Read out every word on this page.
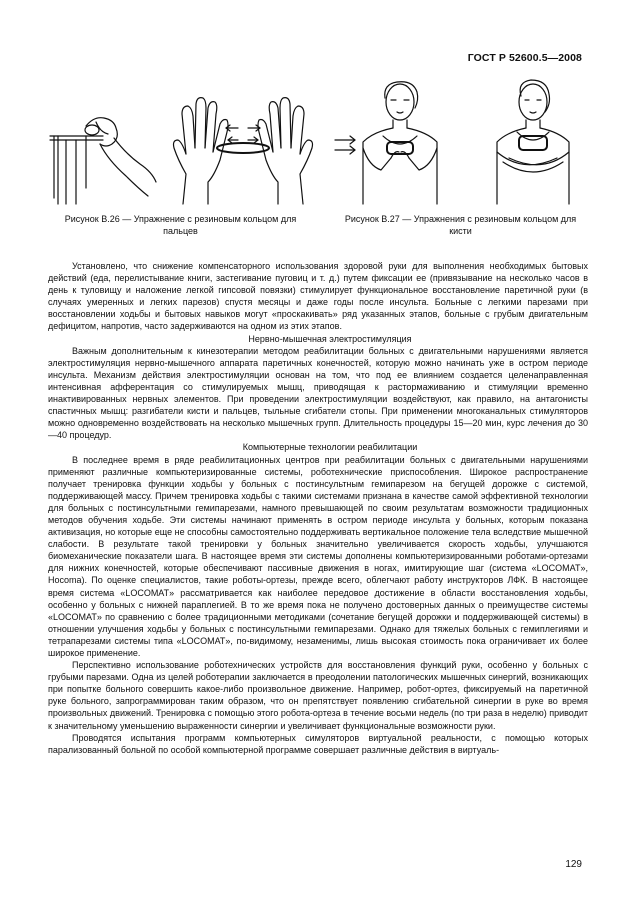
ГОСТ Р 52600.5—2008
Рисунок В.26 — Упражнение с резиновым кольцом для пальцев
Рисунок В.27 — Упражнения с резиновым кольцом для кисти

Установлено, что снижение компенсаторного использования здоровой руки для выполнения необходимых бытовых действий (еда, перелистывание книги, застегивание пуговиц и т. д.) путем фиксации ее (привязывание на несколько часов в день к туловищу и наложение легкой гипсовой повязки) стимулирует функциональное восстановление паретичной руки (в случаях умеренных и легких парезов) спустя месяцы и даже годы после инсульта. Больные с легкими парезами при восстановлении ходьбы и бытовых навыков могут «проскакивать» ряд указанных этапов, больные с грубым двигательным дефицитом, напротив, часто задерживаются на одном из этих этапов.

Нервно-мышечная электростимуляция

Важным дополнительным к кинезотерапии методом реабилитации больных с двигательными нарушениями является электростимуляция нервно-мышечного аппарата паретичных конечностей, которую можно начинать уже в остром периоде инсульта. Механизм действия электростимуляции основан на том, что под ее влиянием создается целенаправленная интенсивная афферентация со стимулируемых мышц, приводящая к растормаживанию и стимуляции временно инактивированных нервных элементов. При проведении электростимуляции воздействуют, как правило, на антагонисты спастичных мышц: разгибатели кисти и пальцев, тыльные сгибатели стопы. При применении многоканальных стимуляторов можно одновременно воздействовать на несколько мышечных групп. Длительность процедуры 15—20 мин, курс лечения до 30—40 процедур.

Компьютерные технологии реабилитации

В последнее время в ряде реабилитационных центров при реабилитации больных с двигательными нарушениями применяют различные компьютеризированные системы, роботехнические приспособления. Широкое распространение получает тренировка функции ходьбы у больных с постинсультным гемипарезом на бегущей дорожке с системой, поддерживающей массу. Причем тренировка ходьбы с такими системами признана в качестве самой эффективной технологии для больных с постинсультными гемипарезами, намного превышающей по своим результатам возможности традиционных методов обучения ходьбе. Эти системы начинают применять в остром периоде инсульта у больных, которым показана активизация, но которые еще не способны самостоятельно поддерживать вертикальное положение тела вследствие мышечной слабости. В результате такой тренировки у больных значительно увеличивается скорость ходьбы, улучшаются биомеханические показатели шага. В настоящее время эти системы дополнены компьютеризированными роботами-ортезами для нижних конечностей, которые обеспечивают пассивные движения в ногах, имитирующие шаг (система «LOCOMAT», Hocoma). По оценке специалистов, такие роботы-ортезы, прежде всего, облегчают работу инструкторов ЛФК. В настоящее время система «LOCOMAT» рассматривается как наиболее передовое достижение в области восстановления ходьбы, особенно у больных с нижней параплегией. В то же время пока не получено достоверных данных о преимуществе системы «LOCOMAT» по сравнению с более традиционными методиками (сочетание бегущей дорожки и поддерживающей системы) в отношении улучшения ходьбы у больных с постинсультными гемипарезами. Однако для тяжелых больных с гемиплегиями и тетрапарезами системы типа «LOCOMAT», по-видимому, незаменимы, лишь высокая стоимость пока ограничивает их более широкое применение.

Перспективно использование роботехнических устройств для восстановления функций руки, особенно у больных с грубыми парезами. Одна из целей роботерапии заключается в преодолении патологических мышечных синергий, возникающих при попытке больного совершить какое-либо произвольное движение. Например, робот-ортез, фиксируемый на паретичной руке больного, запрограммирован таким образом, что он препятствует появлению сгибательной синергии в руке во время произвольных движений. Тренировка с помощью этого робота-ортеза в течение восьми недель (по три раза в неделю) приводит к значительному уменьшению выраженности синергии и увеличивает функциональные возможности руки.

Проводятся испытания программ компьютерных симуляторов виртуальной реальности, с помощью которых парализованный больной по особой компьютерной программе совершает различные действия в виртуаль-

129
